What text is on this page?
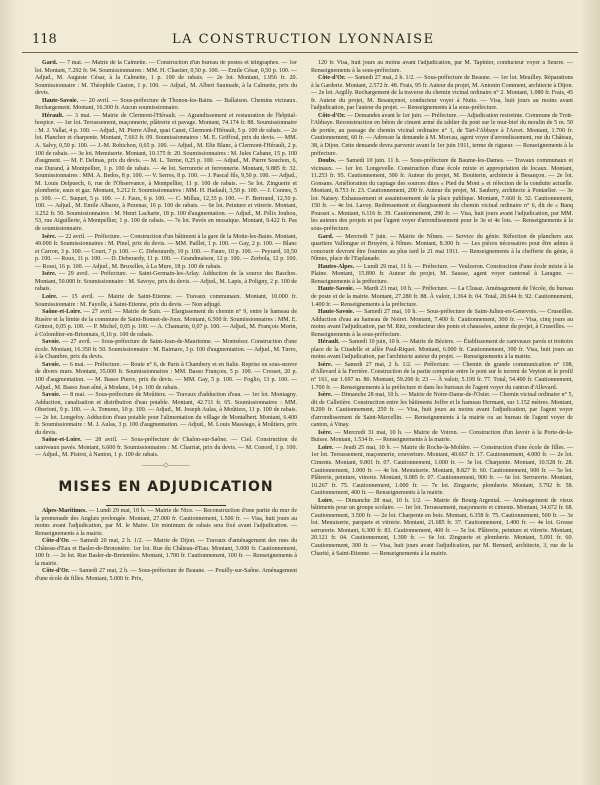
118	LA CONSTRUCTION LYONNAISE

Gard. — 7 mai. — Mairie de la Calmette. — Construction d'un bureau de postes et télégraphes. — 1er lot. Montant, 7.292 fr. 94. Soumissionnaires : MM. H. Chastier, 0,50 p. 100. — Emile César, 0,50 p. 100. — Adjud., M. Auguste César, à la Calmette, 1 p. 100 de rabais. — 2e lot. Montant, 1.956 fr. 20. Soumissionnaire : M. Théophile Caston, 1 p. 100. — Adjud., M. Albert Saumade, à la Calmette, prix du devis.

Haute-Savoie. — 20 avril. — Sous-préfecture de Thonon-les-Bains. — Ballaison. Chemins vicinaux. Rechargement. Montant, 16.300 fr. Aucun soumissionnaire.

Hérault. — 3 mai. — Mairie de Clermont-l'Hérault. — Agrandissement et restauration de l'hôpital-hospice. — 1er lot. Terrassement, maçonnerie, plâtrerie et pavage. Montant, 74.174 fr. 88. Soumissionnaire : M. J. Vallat, 4 p. 100. — Adjud., M. Pierre Albut, quai Canet, Clermont-l'Hérault, 5 p. 100 de rabais. — 2e lot. Plancher et charpente. Montant, 7.663 fr. 09. Soumissionnaires : M. E. Griffoul, prix du devis. — MM. A. Salvy, 0,50 p. 100. — J.-M. Robichon, 0,65 p. 100. — Adjud., M. Elie Blanc, à Clermont-l'Hérault, 2 p. 100 de rabais. — 3e lot. Menuiserie. Montant, 10.175 fr. 20. Soumissionnaires : M. Jules Cabane, 15 p. 100 d'augment. — M. F. Delmas, prix du devis. — M. L. Terme, 0,25 p. 100. — Adjud., M. Pierre Souchon, 6, rue Durand, à Montpellier, 1 p. 100 de rabais. — 4e lot. Serrurerie et ferronnerie. Montant, 9.885 fr. 32. Soumissionnaires : MM. A. Bedos, 8 p. 100. — V. Serres, 8 p. 100. — J. Pascal fils, 9,50 p. 100. — Adjud., M. Louis Delpuech, 6, rue de l'Observance, à Montpellier, 11 p. 100 de rabais. — 5e lot. Zinguerie et plomberie, eaux et gaz. Montant, 5.212 fr. Soumissionnaires : MM. H. Hadault, 3,50 p. 100. — J. Connes, 5 p. 100. — C. Suquet, 5 p. 100. — J. Faux, 6 p. 100. — C. Millau, 12,35 p. 100. — F. Bertrand, 12,50 p. 100. — Adjud., M. Emile Albarez, à Pezenas, 16 p. 100 de rabais. — 6e lot. Peinture et vitrerie. Montant, 3.252 fr. 50. Soumissionnaires : M. Henri Lacharte, 18 p. 100 d'augmentation. — Adjud., M. Félix Joubou, 53, rue Aiguillerie, à Montpellier, 1 p. 100 de rabais. — 7e lot. Pavés en mosaïque. Montant, 9.422 fr. Pas de soumissionnaire.

Isère. — 22 avril. — Préfecture. — Construction d'un bâtiment à la gare de la Motte-les-Bains. Montant, 49.000 fr. Soumissionnaires : M. Pinel, prix du devis. — MM. Paillet, 1 p. 100. — Gay, 2 p. 100. — Blanc et Carron, 3 p. 100. — Court, 7 p. 100. — C. Debeurardy, 10 p. 100. — Faure, 10 p. 100. — Peyrard, 10,50 p. 100. — Roux, 11 p. 100. — D. Deberardy, 11 p. 100. — Grandmaison, 12 p. 100. — Zerbola, 12 p. 100. — Rossi, 16 p. 100. — Adjud., M. Bruxelles, à La Mure, 18 p. 100 de rabais.

Isère. — 29 avril. — Préfecture. — Saint-Germain-les-Arlay. Adduction de la source des Basches. Montant, 50.000 fr. Soumissionnaire : M. Savoye, prix du devis. — Adjud., M. Lapis, à Poligny, 2 p. 100 de rabais.

Loire. — 15 avril. — Mairie de Saint-Etienne. — Travaux communaux. Montant, 10.000 fr. Soumissionnaire : M. Fayolle, à Saint-Etienne, prix du devis. — Non adjugé.

Saône-et-Loire. — 27 avril. — Mairie de Suin. — Elargissement du chemin n° 9, entre le hameau de Rusère et la limite de la commune de Saint-Bonnet-de-Joux. Montant, 6.500 fr. Soumissionnaires : MM. E. Grimot, 0,05 p. 100. — P. Michel, 0,05 p. 100. — A. Chamarin, 0,07 p. 100. — Adjud., M. François Morin, à Colombier-en-Brionnais, 0,16 p. 100 de rabais.

Savoie. — 27 avril. — Sous-préfecture de Saint-Jean-de-Maurienne. — Montrésor. Construction d'une école. Montant, 16.350 fr. 50. Soumissionnaire : M. Baimaro, 3 p. 100 d'augmentation. — Adjud., M. Turro, à la Chambre, prix du devis.

Savoie. — 6 mai. — Préfecture. — Route n° 6, de Paris à Chambery et en Italie. Reprise en sous-œuvre de divers murs. Montant, 35.000 fr. Soumissionnaires : MM. Basso François, 5 p. 100. — Crosset, 20 p. 100 d'augmentation. — M. Basso Pierre, prix du devis. — MM. Gay, 5 p. 100. — Foglio, 13 p. 100. — Adjud., M. Basso Jean aîné, à Modane, 14 p. 100 de rabais.

Savoie. — 8 mai. — Sous-préfecture de Moûtiers. — Travaux d'adduction d'eau. — 1er lot. Montagny. Adduction, canalisation et distribution d'eau potable. Montant, 42.711 fr. 65. Soumissionnaires : MM. Oberioni, 9 p. 100. — A. Tomono, 10 p. 100. — Adjud., M. Joseph Aulas, à Moûtiers, 11 p. 100 de rabais. — 2e lot. Longefoy. Adduction d'eau potable pour l'alimentation du village de Montalbert. Montant, 6.400 fr. Soumissionnaire : M. J. Aulas, 3 p. 100 d'augmentation. — Adjud., M. Louis Massiago, à Moûtiers, prix du devis.

Saône-et-Loire. — 28 avril. — Sous-préfecture de Chalon-sur-Saône. — Ciel. Construction de caniveaux pavés. Montant, 6.600 fr. Soumissionnaires : M. Charriat, prix du devis. — M. Conord, 1 p. 100. — Adjud., M. Pistrot, à Nanton, 1 p. 100 de rabais.

———◇———
MISES EN ADJUDICATION

Alpes-Maritimes. — Lundi 29 mai, 10 h. — Mairie de Nice. — Reconstruction d'une partie du mur de la promenade des Anglais prolongée. Montant, 27.000 fr. Cautionnement, 1.500 fr. — Visa, huit jours au moins avant l'adjudication, par M. le Maire. Un minimum de rabais sera fixé avant l'adjudication. — Renseignements à la mairie.

Côte-d'Or. — Samedi 20 mai, 2 h. 1/2. — Mairie de Dijon. — Travaux d'aménagement des rues du Château-d'Eau et Basler-de-Brotonière. 1er lot. Rue du Château-d'Eau. Montant, 3.000 fr. Cautionnement, 100 fr. — 2e lot. Rue Basler-de-Bretenière. Montant, 1.700 fr. Cautionnement, 100 fr. — Renseignements à la mairie.

Côte-d'Or. — Samedi 27 mai, 2 h. — Sous-préfecture de Beaune. — Pouilly-sur-Saône. Aménagement d'une école de filles. Montant, 5.000 fr. Prix,

120 fr. Visa, huit jours au moins avant l'adjudication, par M. Tapinier, conducteur voyer à Seurre. — Renseignements à la sous-préfecture.

Côte-d'Or. — Samedi 27 mai, 2 h. 1/2. — Sous-préfecture de Beaune. — 1er lot. Meuilley. Réparations à la Garderie. Montant, 2.572 fr. 48. Frais, 95 fr. Auteur du projet, M. Antonin Comment, architecte à Dijon. — 2e lot. Argilly. Rechargement de la traverse du chemin vicinal ordinaire n° 2. Montant, 1.080 fr. Frais, 45 fr. Auteur du projet, M. Besançenot, conducteur voyer à Nuits. — Visa, huit jours au moins avant l'adjudication, par l'auteur du projet. — Renseignements à la sous-préfecture.

Côte-d'Or. — Demandes avant le 1er juin. — Préfecture. — Adjudication restreinte. Commune de Trott-l'Abbaye. Reconstruction en béton de ciment armé du tablier du pont sur le mur-bief du moulin de 5 m. 50 de portée, au passage du chemin vicinal ordinaire n° 1, de Tart-l'Abbaye à l'Arcet. Montant, 1.700 fr. Cautionnement, 60 fr. — Adresser la demande à M. Morcau, agent voyer d'arrondissement, rue du Château, 38, à Dijon. Cette demande devra parvenir avant le 1er juin 1911, terme de rigueur. — Renseignements à la préfecture.

Doubs. — Samedi 10 juin. 11 h. — Sous-préfecture de Baume-les-Dames. — Travaux communaux et vicinaux. — 1er lot. Longevelle. Construction d'une école mixte et appropriation de locaux. Montant, 11.253 fr. 95. Cautionnement, 300 fr. Auteur du projet, M. Boutterin, architecte à Besançon. — 2e lot. Gonsans. Amélioration du captage des sources dites « Pied du Mont » et réfection de la conduite actuelle. Montant, 8.753 fr. 23. Cautionnement, 200 fr. Auteur du projet, M. Saubery, architecte à Pontarlier. — 3e lot. Naisey. Exhaussement et assainissement de la place publique. Montant, 7.660 fr. 32. Cautionnement, 150 fr. — 4e lot. Lavoy. Redressement et élargissement du chemin vicinal ordinaire n° 6, dit de « Banq Pousset ». Montant, 6.116 fr. 39. Cautionnement, 290 fr. — Visa, huit jours avant l'adjudication, par MM. les auteurs des projets et par l'agent voyer d'arrondissement pour le 3e et 4e lots. — Renseignements à la sous-préfecture.

Gard. — Mercredi 7 juin. — Mairie de Nîmes. — Service du génie. Réfection de planchers aux quartiers Vallongue et Bruyère, à Nîmes. Montant, 8.300 fr. — Les pièces nécessaires pour être admis à concourir devront être fournies au plus tard le 21 mai 1911. — Renseignements à la chefferie du génie, à Nîmes, place de l'Esplanade.

Hautes-Alpes. — Lundi 29 mai, 11 h. — Préfecture. — Veulzeron. Construction d'une école mixte à la Plaine. Montant, 15.890 fr. Auteur du projet, M. Sausse, agent voyer cantonal à Laragne. — Renseignements à la préfecture.

Haute-Savoie. — Mardi 23 mai, 10 h. — Préfecture. — La Clusaz. Aménagement de l'école, du bureau de poste et de la mairie. Montant, 27.280 fr. 88. À valoir, 1.364 fr. 04. Total, 28.644 fr. 92. Cautionnement, 1.400 fr. — Renseignements à la préfecture.

Haute-Savoie. — Samedi 27 mai, 10 h. — Sous-préfecture de Saint-Julien-en-Genevois. — Cruseilles. Adduction d'eau au hameau de Noiret. Montant, 7.400 fr. Cautionnement, 300 fr. — Visa, cinq jours au moins avant l'adjudication, par M. Ritz, conducteur des ponts et chaussées, auteur du projet, à Cruseilles. — Renseignements à la sous-préfecture.

Hérault. — Samedi 10 juin, 10 h. — Mairie de Béziers. — Établissement de caniveaux pavés et trottoirs place de la Citadelle et allée Paul-Riquet. Montant, 6.000 fr. Cautionnement, 300 fr. Visa, huit jours au moins avant l'adjudication, par l'architecte auteur du projet. — Renseignements à la mairie.

Isère. — Samedi 27 mai, 2 h. 1/2. — Préfecture. — Chemin de grande communication n° 108, d'Allevard à la Ferrière. Construction de la partie comprise entre le pont sur le torrent de Veyton et le profil n° 161, sur 1.697 m. 80. Montant, 59.200 fr. 23 — À valoir, 5.199 fr. 77. Total, 54.400 fr. Cautionnement, 1.700 fr. — Renseignements à la préfecture et dans les bureaux de l'agent voyer du canton d'Allevard.

Isère. — Dimanche 28 mai, 10 h. — Mairie de Notre-Dame-de-l'Osier. — Chemin vicinal ordinaire n° 5, dit de Calletière. Construction entre les bâtiments Joffre et le hameau Hermant, sur 1.152 mètres. Montant, 8.200 fr. Cautionnement, 250 fr. — Visa, huit jours au moins avant l'adjudication, par l'agent voyer d'arrondissement de Saint-Marcellin. — Renseignements à la mairie ou au bureau de l'agent voyer de canton, à Vinay.

Isère. — Mercredi 31 mai, 10 h. — Mairie de Voiron. — Construction d'un lavoir à la Porte-de-la-Buisse. Montant, 1.534 fr. — Renseignements à la mairie.

Loire. — Jeudi 25 mai, 10 h. — Mairie de Roche-la-Molière. — Construction d'une école de filles. — 1er lot. Terrassement, maçonnerie, couverture. Montant, 40.667 fr. 17. Cautionnement, 4.000 fr. — 2e lot. Ciments. Montant, 9.801 fr. 07. Cautionnement, 1.000 fr. — 3e lot. Charpente. Montant, 10.528 fr. 28. Cautionnement, 1.000 fr. — 4e lot. Menuiserie. Montant, 8.827 fr. 60. Cautionnement, 900 fr. — 5e lot. Plâtrerie, peinture, vitrerie. Montant, 9.085 fr. 07. Cautionnement, 900 fr. — 6e lot. Serrurerie. Montant, 10.267 fr. 75. Cautionnement, 1.000 fr. — 7e lot. Zinguerie, plomberie. Montant, 3.792 fr. 58. Cautionnement, 400 fr. — Renseignements à la mairie.

Loire. — Dimanche 28 mai, 10 h. 1/2. — Mairie de Bourg-Argental. — Aménagement de vieux bâtiments pour un groupe scolaire. — 1er lot. Terrassement, maçonnerie et ciments. Montant, 34.672 fr. 68. Cautionnement, 3.500 fr. — 2e lot. Charpente en bois. Montant, 6.358 fr. 75. Cautionnement, 500 fr. — 3e lot. Menuiserie, parquets et vitrerie. Montant, 21.685 fr. 37. Cautionnement, 1.400 fr. — 4e lot. Grosse serrurerie. Montant, 6.300 fr. 83. Cautionnement, 400 fr. — 5e lot. Plâtrerie, peinture et vitrerie. Montant, 20.121 fr. 04. Cautionnement, 1.300 fr. — 6e lot. Zinguerie et plomberie. Montant, 5.091 fr. 60. Cautionnement, 300 fr. — Visa, huit jours avant l'adjudication, par M. Bernard, architecte, 3, rue de la Charité, à Saint-Etienne. — Renseignements à la mairie.
